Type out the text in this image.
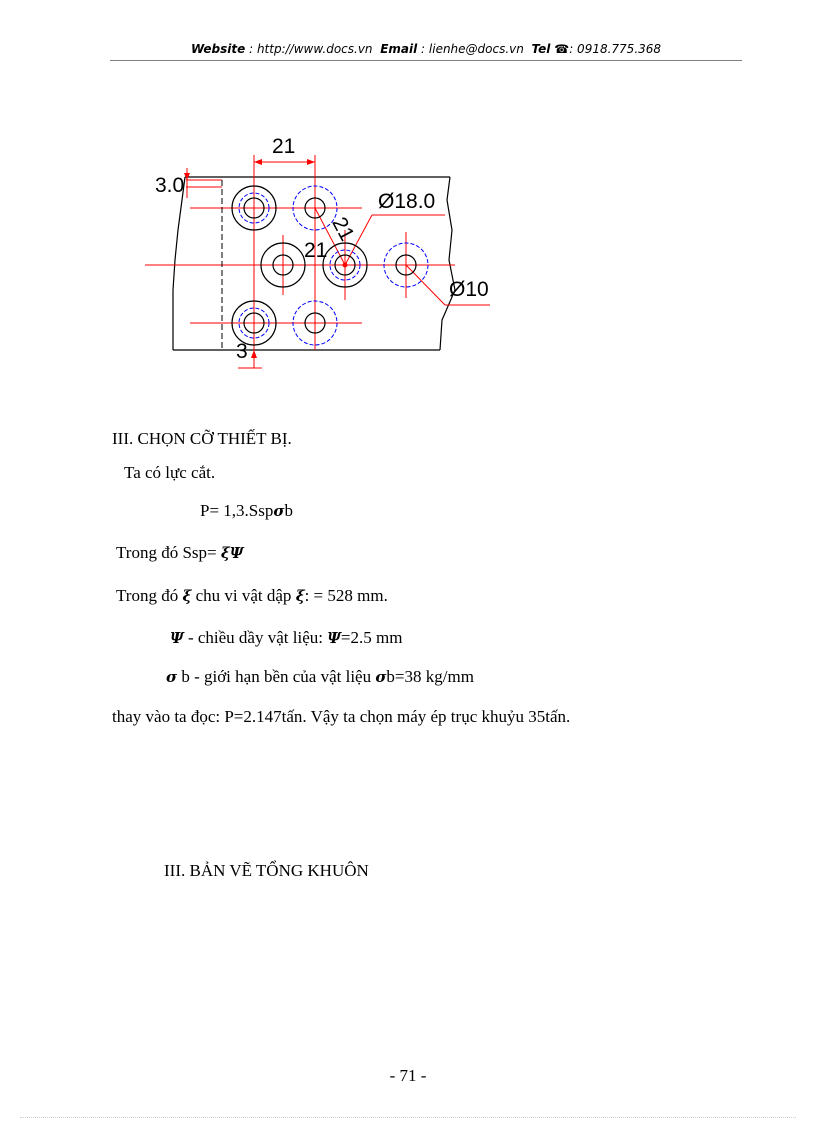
Website : http://www.docs.vn Email : lienhe@docs.vn Tel ☎: 0918.775.368
21
3.0
21
Ø18.0
Ø10
3
21
III. CHỌN CỠ THIẾT BỊ.
Ta có lực cắt.
P= 1,3.Sspσb
Trong đó Ssp= ξΨ
Trong đó ξ chu vi vật dập ξ: = 528 mm.
Ψ - chiều dầy vật liệu: Ψ=2.5 mm
σ b - giới hạn bền của vật liệu σb=38 kg/mm
thay vào ta đọc: P=2.147tấn. Vậy ta chọn máy ép trục khuỷu 35tấn.
III. BẢN VẼ TỔNG KHUÔN
- 71 -
